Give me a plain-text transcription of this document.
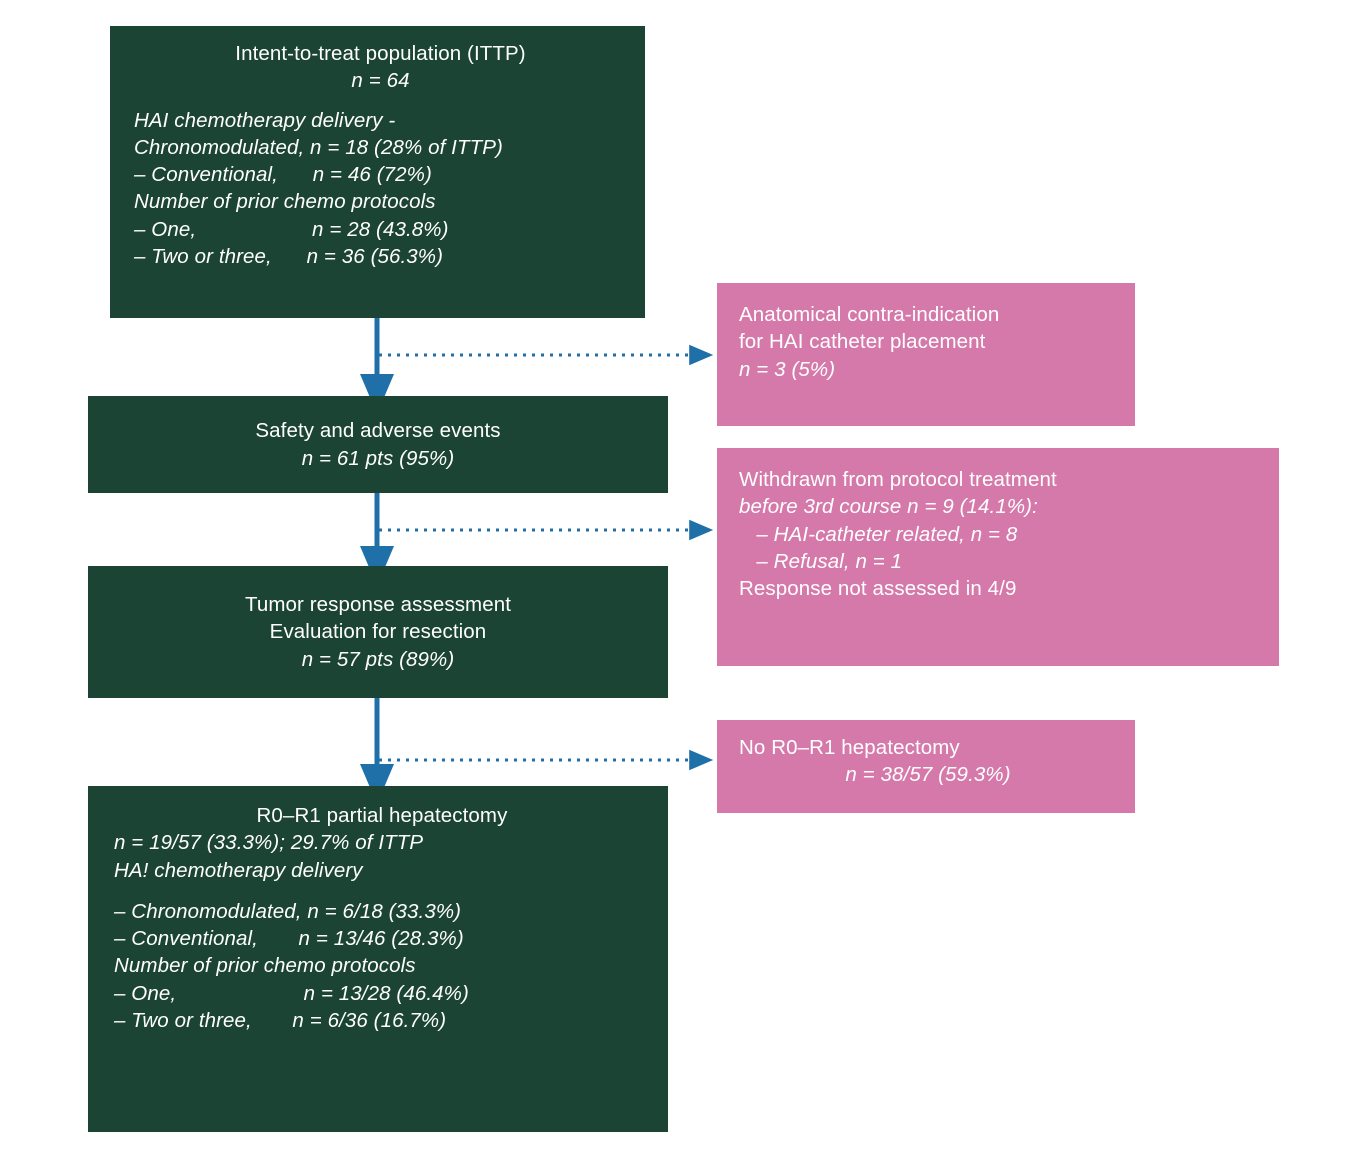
Intent-to-treat population (ITTP)
n = 64
HAI chemotherapy delivery -
Chronomodulated, n = 18 (28% of ITTP)
– Conventional,      n = 46 (72%)
Number of prior chemo protocols
– One,                    n = 28 (43.8%)
– Two or three,      n = 36 (56.3%)
Safety and adverse events
n = 61 pts (95%)
Tumor response assessment
Evaluation for resection
n = 57 pts (89%)
R0–R1 partial hepatectomy
n = 19/57 (33.3%); 29.7% of ITTP
HA! chemotherapy delivery
– Chronomodulated, n = 6/18 (33.3%)
– Conventional,       n = 13/46 (28.3%)
Number of prior chemo protocols
– One,                      n = 13/28 (46.4%)
– Two or three,       n = 6/36 (16.7%)
Anatomical contra-indication
for HAI catheter placement
n = 3 (5%)
Withdrawn from protocol treatment
before 3rd course n = 9 (14.1%):
– HAI-catheter related, n = 8
– Refusal, n = 1
Response not assessed in 4/9
No R0–R1 hepatectomy
n = 38/57 (59.3%)
